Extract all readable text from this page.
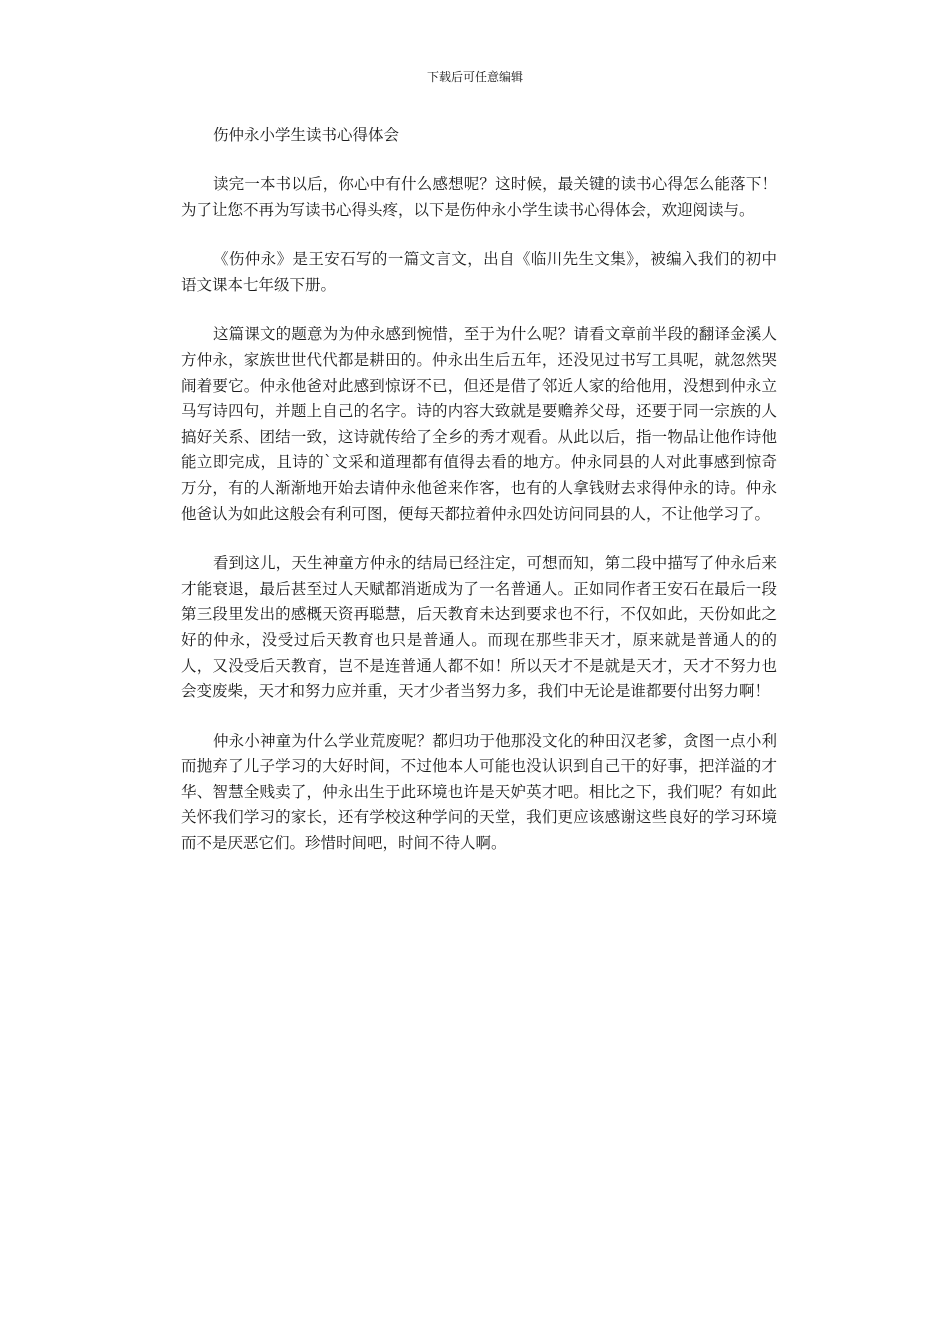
下载后可任意编辑
伤仲永小学生读书心得体会

读完一本书以后，你心中有什么感想呢？这时候，最关键的读书心得怎么能落下！为了让您不再为写读书心得头疼，以下是伤仲永小学生读书心得体会，欢迎阅读与。

《伤仲永》是王安石写的一篇文言文，出自《临川先生文集》，被编入我们的初中语文课本七年级下册。

这篇课文的题意为为仲永感到惋惜，至于为什么呢？请看文章前半段的翻译金溪人方仲永，家族世世代代都是耕田的。仲永出生后五年，还没见过书写工具呢，就忽然哭闹着要它。仲永他爸对此感到惊讶不已，但还是借了邻近人家的给他用，没想到仲永立马写诗四句，并题上自己的名字。诗的内容大致就是要赡养父母，还要于同一宗族的人搞好关系、团结一致，这诗就传给了全乡的秀才观看。从此以后，指一物品让他作诗他能立即完成，且诗的`文采和道理都有值得去看的地方。仲永同县的人对此事感到惊奇万分，有的人渐渐地开始去请仲永他爸来作客，也有的人拿钱财去求得仲永的诗。仲永他爸认为如此这般会有利可图，便每天都拉着仲永四处访问同县的人，不让他学习了。

看到这儿，天生神童方仲永的结局已经注定，可想而知，第二段中描写了仲永后来才能衰退，最后甚至过人天赋都消逝成为了一名普通人。正如同作者王安石在最后一段第三段里发出的感概天资再聪慧，后天教育未达到要求也不行，不仅如此，天份如此之好的仲永，没受过后天教育也只是普通人。而现在那些非天才，原来就是普通人的的人，又没受后天教育，岂不是连普通人都不如！所以天才不是就是天才，天才不努力也会变废柴，天才和努力应并重，天才少者当努力多，我们中无论是谁都要付出努力啊！

仲永小神童为什么学业荒废呢？都归功于他那没文化的种田汉老爹，贪图一点小利而抛弃了儿子学习的大好时间，不过他本人可能也没认识到自己干的好事，把洋溢的才华、智慧全贱卖了，仲永出生于此环境也许是天妒英才吧。相比之下，我们呢？有如此关怀我们学习的家长，还有学校这种学问的天堂，我们更应该感谢这些良好的学习环境而不是厌恶它们。珍惜时间吧，时间不待人啊。
